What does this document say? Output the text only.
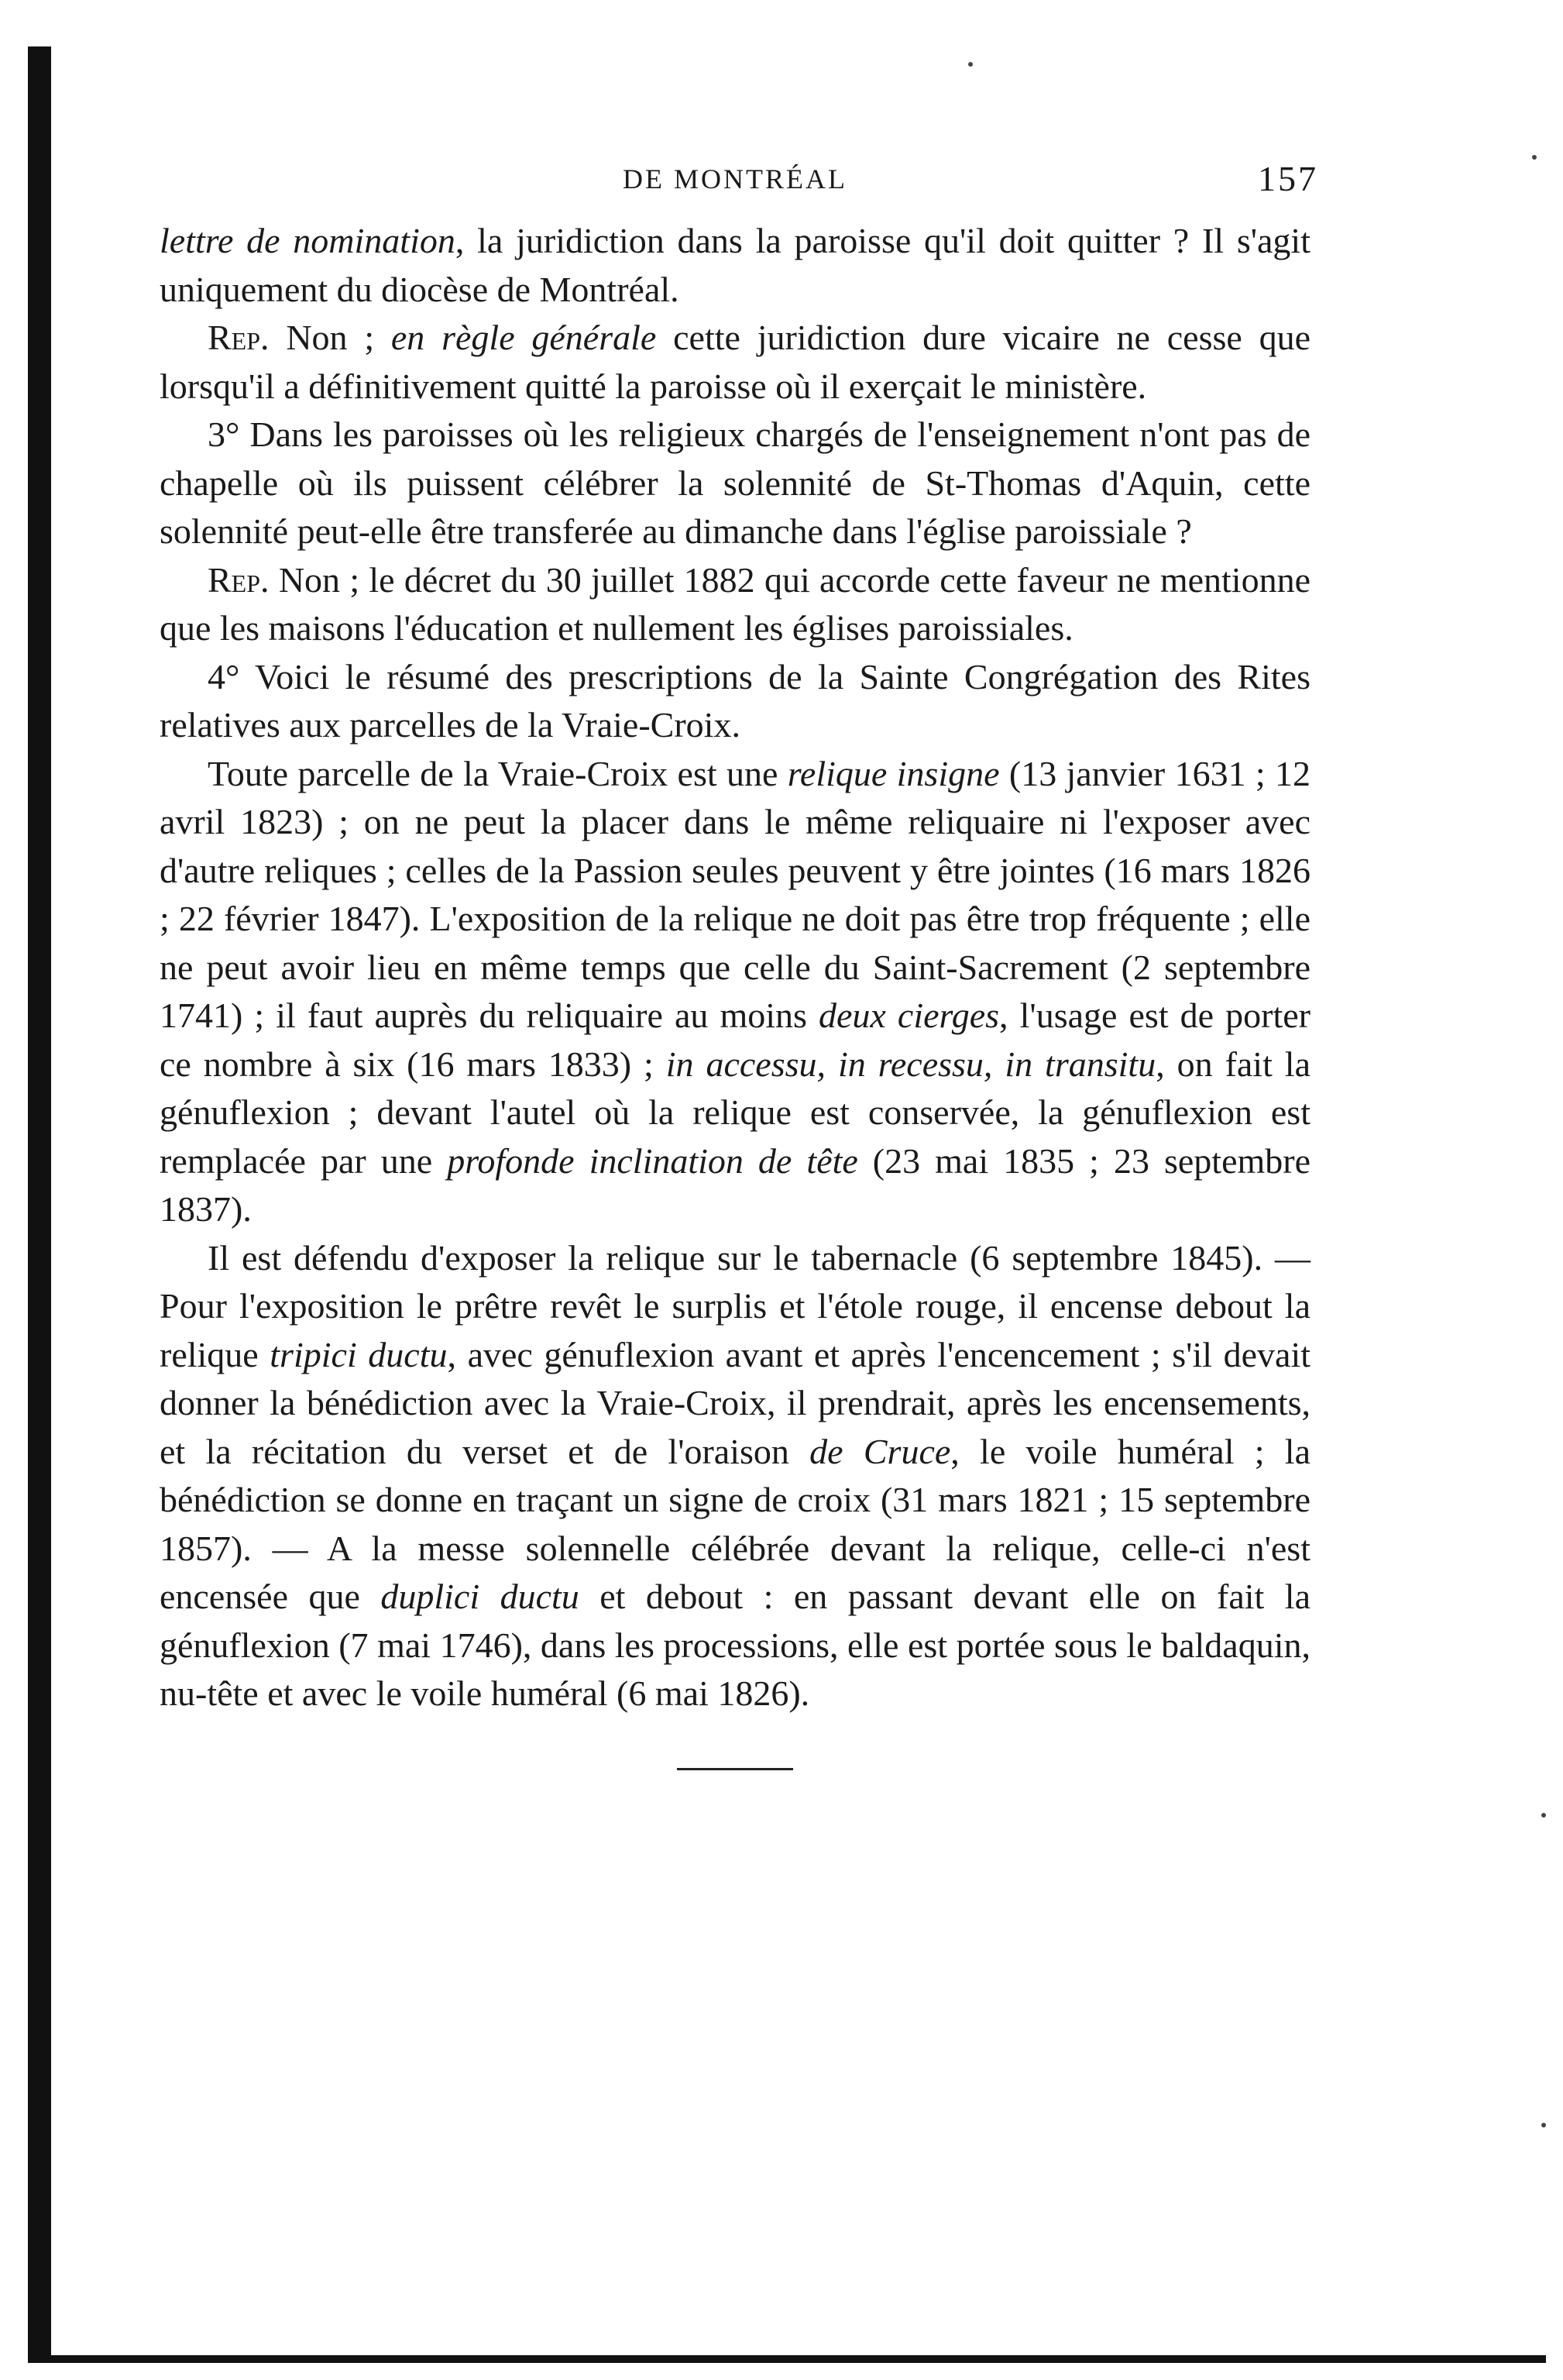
DE MONTRÉAL	157

lettre de nomination, la juridiction dans la paroisse qu'il doit quitter ? Il s'agit uniquement du diocèse de Montréal.

Rep. Non ; en règle générale cette juridiction dure vicaire ne cesse que lorsqu'il a définitivement quitté la paroisse où il exerçait le ministère.

3° Dans les paroisses où les religieux chargés de l'enseignement n'ont pas de chapelle où ils puissent célébrer la solennité de St-Thomas d'Aquin, cette solennité peut-elle être transferée au dimanche dans l'église paroissiale ?

Rep. Non ; le décret du 30 juillet 1882 qui accorde cette faveur ne mentionne que les maisons l'éducation et nullement les églises paroissiales.

4° Voici le résumé des prescriptions de la Sainte Congrégation des Rites relatives aux parcelles de la Vraie-Croix.

Toute parcelle de la Vraie-Croix est une relique insigne (13 janvier 1631 ; 12 avril 1823) ; on ne peut la placer dans le même reliquaire ni l'exposer avec d'autre reliques ; celles de la Passion seules peuvent y être jointes (16 mars 1826 ; 22 février 1847). L'exposition de la relique ne doit pas être trop fréquente ; elle ne peut avoir lieu en même temps que celle du Saint-Sacrement (2 septembre 1741) ; il faut auprès du reliquaire au moins deux cierges, l'usage est de porter ce nombre à six (16 mars 1833) ; in accessu, in recessu, in transitu, on fait la génuflexion ; devant l'autel où la relique est conservée, la génuflexion est remplacée par une profonde inclination de tête (23 mai 1835 ; 23 septembre 1837).

Il est défendu d'exposer la relique sur le tabernacle (6 septembre 1845). — Pour l'exposition le prêtre revêt le surplis et l'étole rouge, il encense debout la relique tripici ductu, avec génuflexion avant et après l'encencement ; s'il devait donner la bénédiction avec la Vraie-Croix, il prendrait, après les encensements, et la récitation du verset et de l'oraison de Cruce, le voile huméral ; la bénédiction se donne en traçant un signe de croix (31 mars 1821 ; 15 septembre 1857). — A la messe solennelle célébrée devant la relique, celle-ci n'est encensée que duplici ductu et debout : en passant devant elle on fait la génuflexion (7 mai 1746), dans les processions, elle est portée sous le baldaquin, nu-tête et avec le voile huméral (6 mai 1826).
